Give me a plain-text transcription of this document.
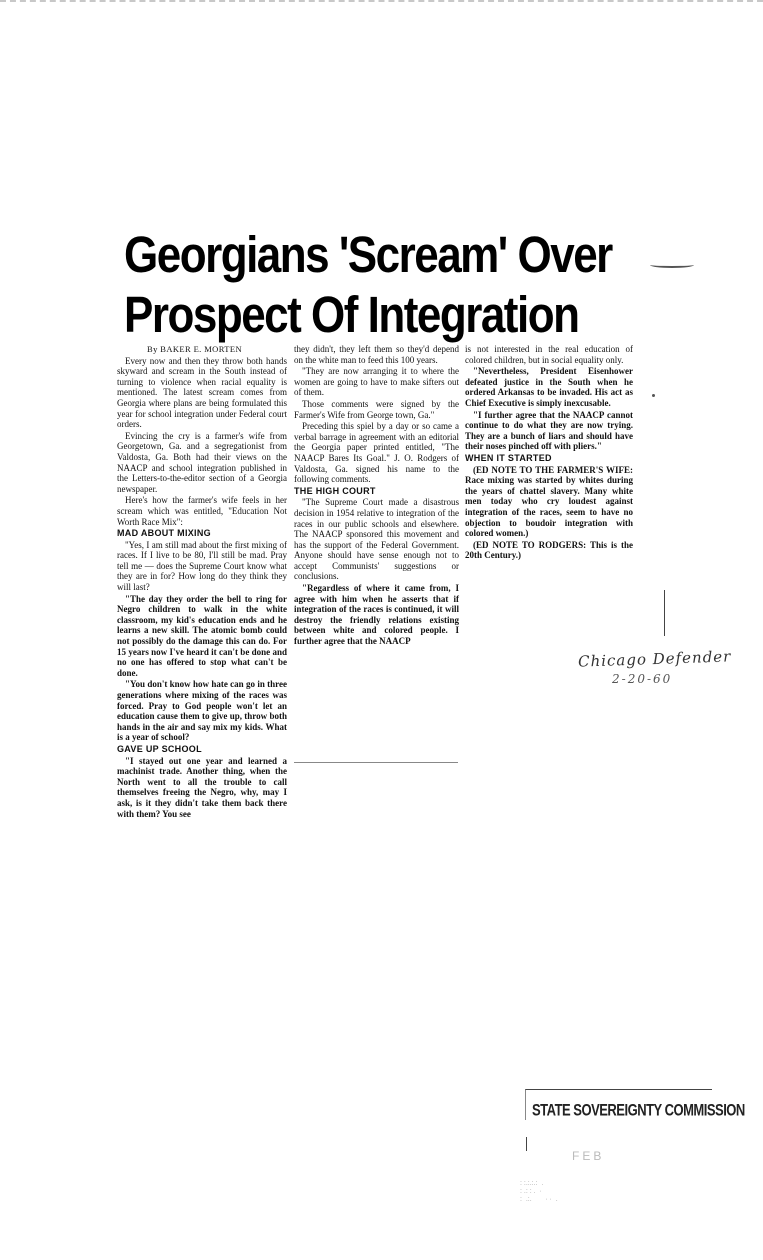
Georgians 'Scream' Over
Prospect Of Integration

By BAKER E. MORTEN

Every now and then they throw both hands skyward and scream in the South instead of turning to violence when racial equality is mentioned. The latest scream comes from Georgia where plans are being formulated this year for school integration under Federal court orders.

Evincing the cry is a farmer's wife from Georgetown, Ga. and a segregationist from Valdosta, Ga. Both had their views on the NAACP and school integration published in the Letters-to-the-editor section of a Georgia newspaper.

Here's how the farmer's wife feels in her scream which was entitled, "Education Not Worth Race Mix":

MAD ABOUT MIXING

"Yes, I am still mad about the first mixing of races. If I live to be 80, I'll still be mad. Pray tell me — does the Supreme Court know what they are in for? How long do they think they will last?

"The day they order the bell to ring for Negro children to walk in the white classroom, my kid's education ends and he learns a new skill. The atomic bomb could not possibly do the damage this can do. For 15 years now I've heard it can't be done and no one has offered to stop what can't be done.

"You don't know how hate can go in three generations where mixing of the races was forced. Pray to God people won't let an education cause them to give up, throw both hands in the air and say mix my kids. What is a year of school?

GAVE UP SCHOOL

"I stayed out one year and learned a machinist trade. Another thing, when the North went to all the trouble to call themselves freeing the Negro, why, may I ask, is it they didn't take them back there with them? You see

they didn't, they left them so they'd depend on the white man to feed this 100 years.

"They are now arranging it to where the women are going to have to make sifters out of them.

Those comments were signed by the Farmer's Wife from George town, Ga."

Preceding this spiel by a day or so came a verbal barrage in agreement with an editorial the Georgia paper printed entitled, "The NAACP Bares Its Goal." J. O. Rodgers of Valdosta, Ga. signed his name to the following comments.

THE HIGH COURT

"The Supreme Court made a disastrous decision in 1954 relative to integration of the races in our public schools and elsewhere. The NAACP sponsored this movement and has the support of the Federal Government. Anyone should have sense enough not to accept Communists' suggestions or conclusions.

"Regardless of where it came from, I agree with him when he asserts that if integration of the races is continued, it will destroy the friendly relations existing between white and colored people. I further agree that the NAACP

is not interested in the real education of colored children, but in social equality only.

"Nevertheless, President Eisenhower defeated justice in the South when he ordered Arkansas to be invaded. His act as Chief Executive is simply inexcusable.

"I further agree that the NAACP cannot continue to do what they are now trying. They are a bunch of liars and should have their noses pinched off with pliers."

WHEN IT STARTED

(ED NOTE TO THE FARMER'S WIFE: Race mixing was started by whites during the years of chattel slavery. Many white men today who cry loudest against integration of the races, seem to have no objection to boudoir integration with colored women.)

(ED NOTE TO RODGERS: This is the 20th Century.)

Chicago Defender
2-20-60
STATE SOVEREIGNTY COMMISSION
FEB
: :.:.:.:  .
: .: : .  ·
:  .:.       · ·  .
